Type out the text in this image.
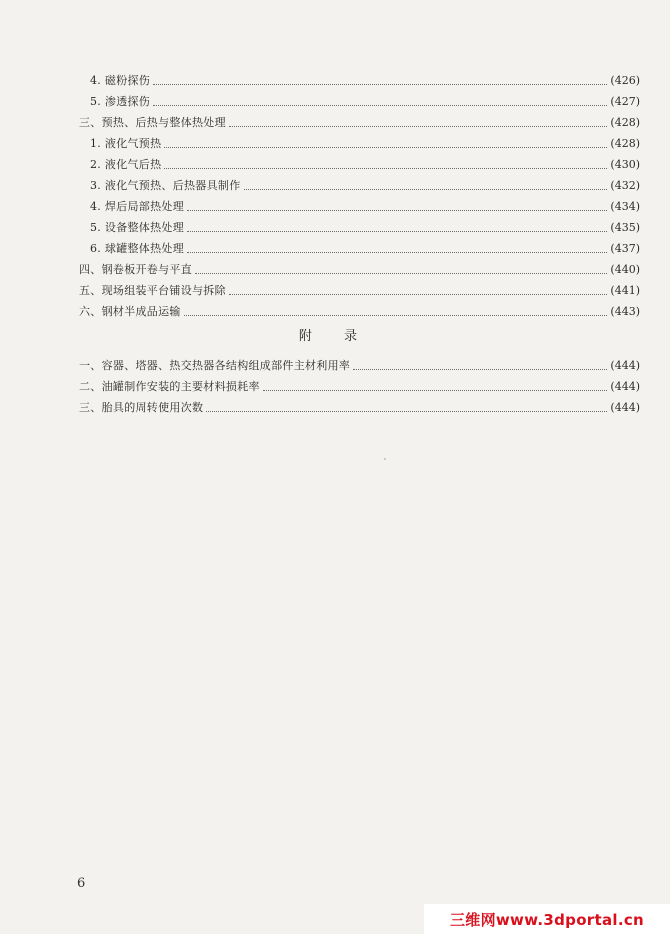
4. 磁粉探伤	(426)
5. 渗透探伤	(427)
三、预热、后热与整体热处理	(428)
1. 液化气预热	(428)
2. 液化气后热	(430)
3. 液化气预热、后热器具制作	(432)
4. 焊后局部热处理	(434)
5. 设备整体热处理	(435)
6. 球罐整体热处理	(437)
四、钢卷板开卷与平直	(440)
五、现场组装平台铺设与拆除	(441)
六、钢材半成品运输	(443)
附 录
一、容器、塔器、热交热器各结构组成部件主材利用率	(444)
二、油罐制作安装的主要材料损耗率	(444)
三、胎具的周转使用次数	(444)
6
三维网www.3dportal.cn
